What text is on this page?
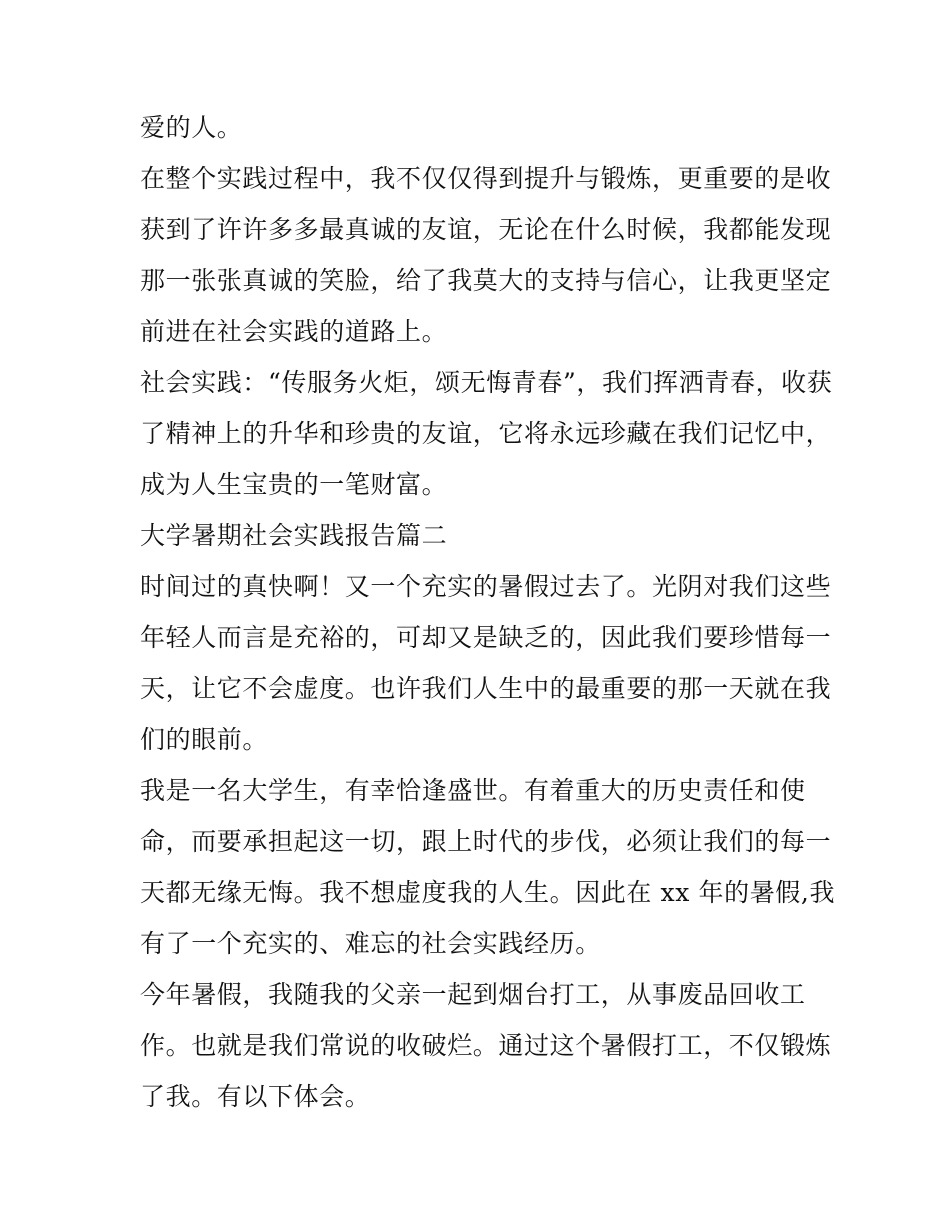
爱的人。
在整个实践过程中，我不仅仅得到提升与锻炼，更重要的是收
获到了许许多多最真诚的友谊，无论在什么时候，我都能发现
那一张张真诚的笑脸，给了我莫大的支持与信心，让我更坚定
前进在社会实践的道路上。
社会实践：“传服务火炬，颂无悔青春”，我们挥洒青春，收获
了精神上的升华和珍贵的友谊，它将永远珍藏在我们记忆中，
成为人生宝贵的一笔财富。
大学暑期社会实践报告篇二
时间过的真快啊！又一个充实的暑假过去了。光阴对我们这些
年轻人而言是充裕的，可却又是缺乏的，因此我们要珍惜每一
天，让它不会虚度。也许我们人生中的最重要的那一天就在我
们的眼前。
我是一名大学生，有幸恰逢盛世。有着重大的历史责任和使
命，而要承担起这一切，跟上时代的步伐，必须让我们的每一
天都无缘无悔。我不想虚度我的人生。因此在 xx 年的暑假,我
有了一个充实的、难忘的社会实践经历。
今年暑假，我随我的父亲一起到烟台打工，从事废品回收工
作。也就是我们常说的收破烂。通过这个暑假打工，不仅锻炼
了我。有以下体会。
